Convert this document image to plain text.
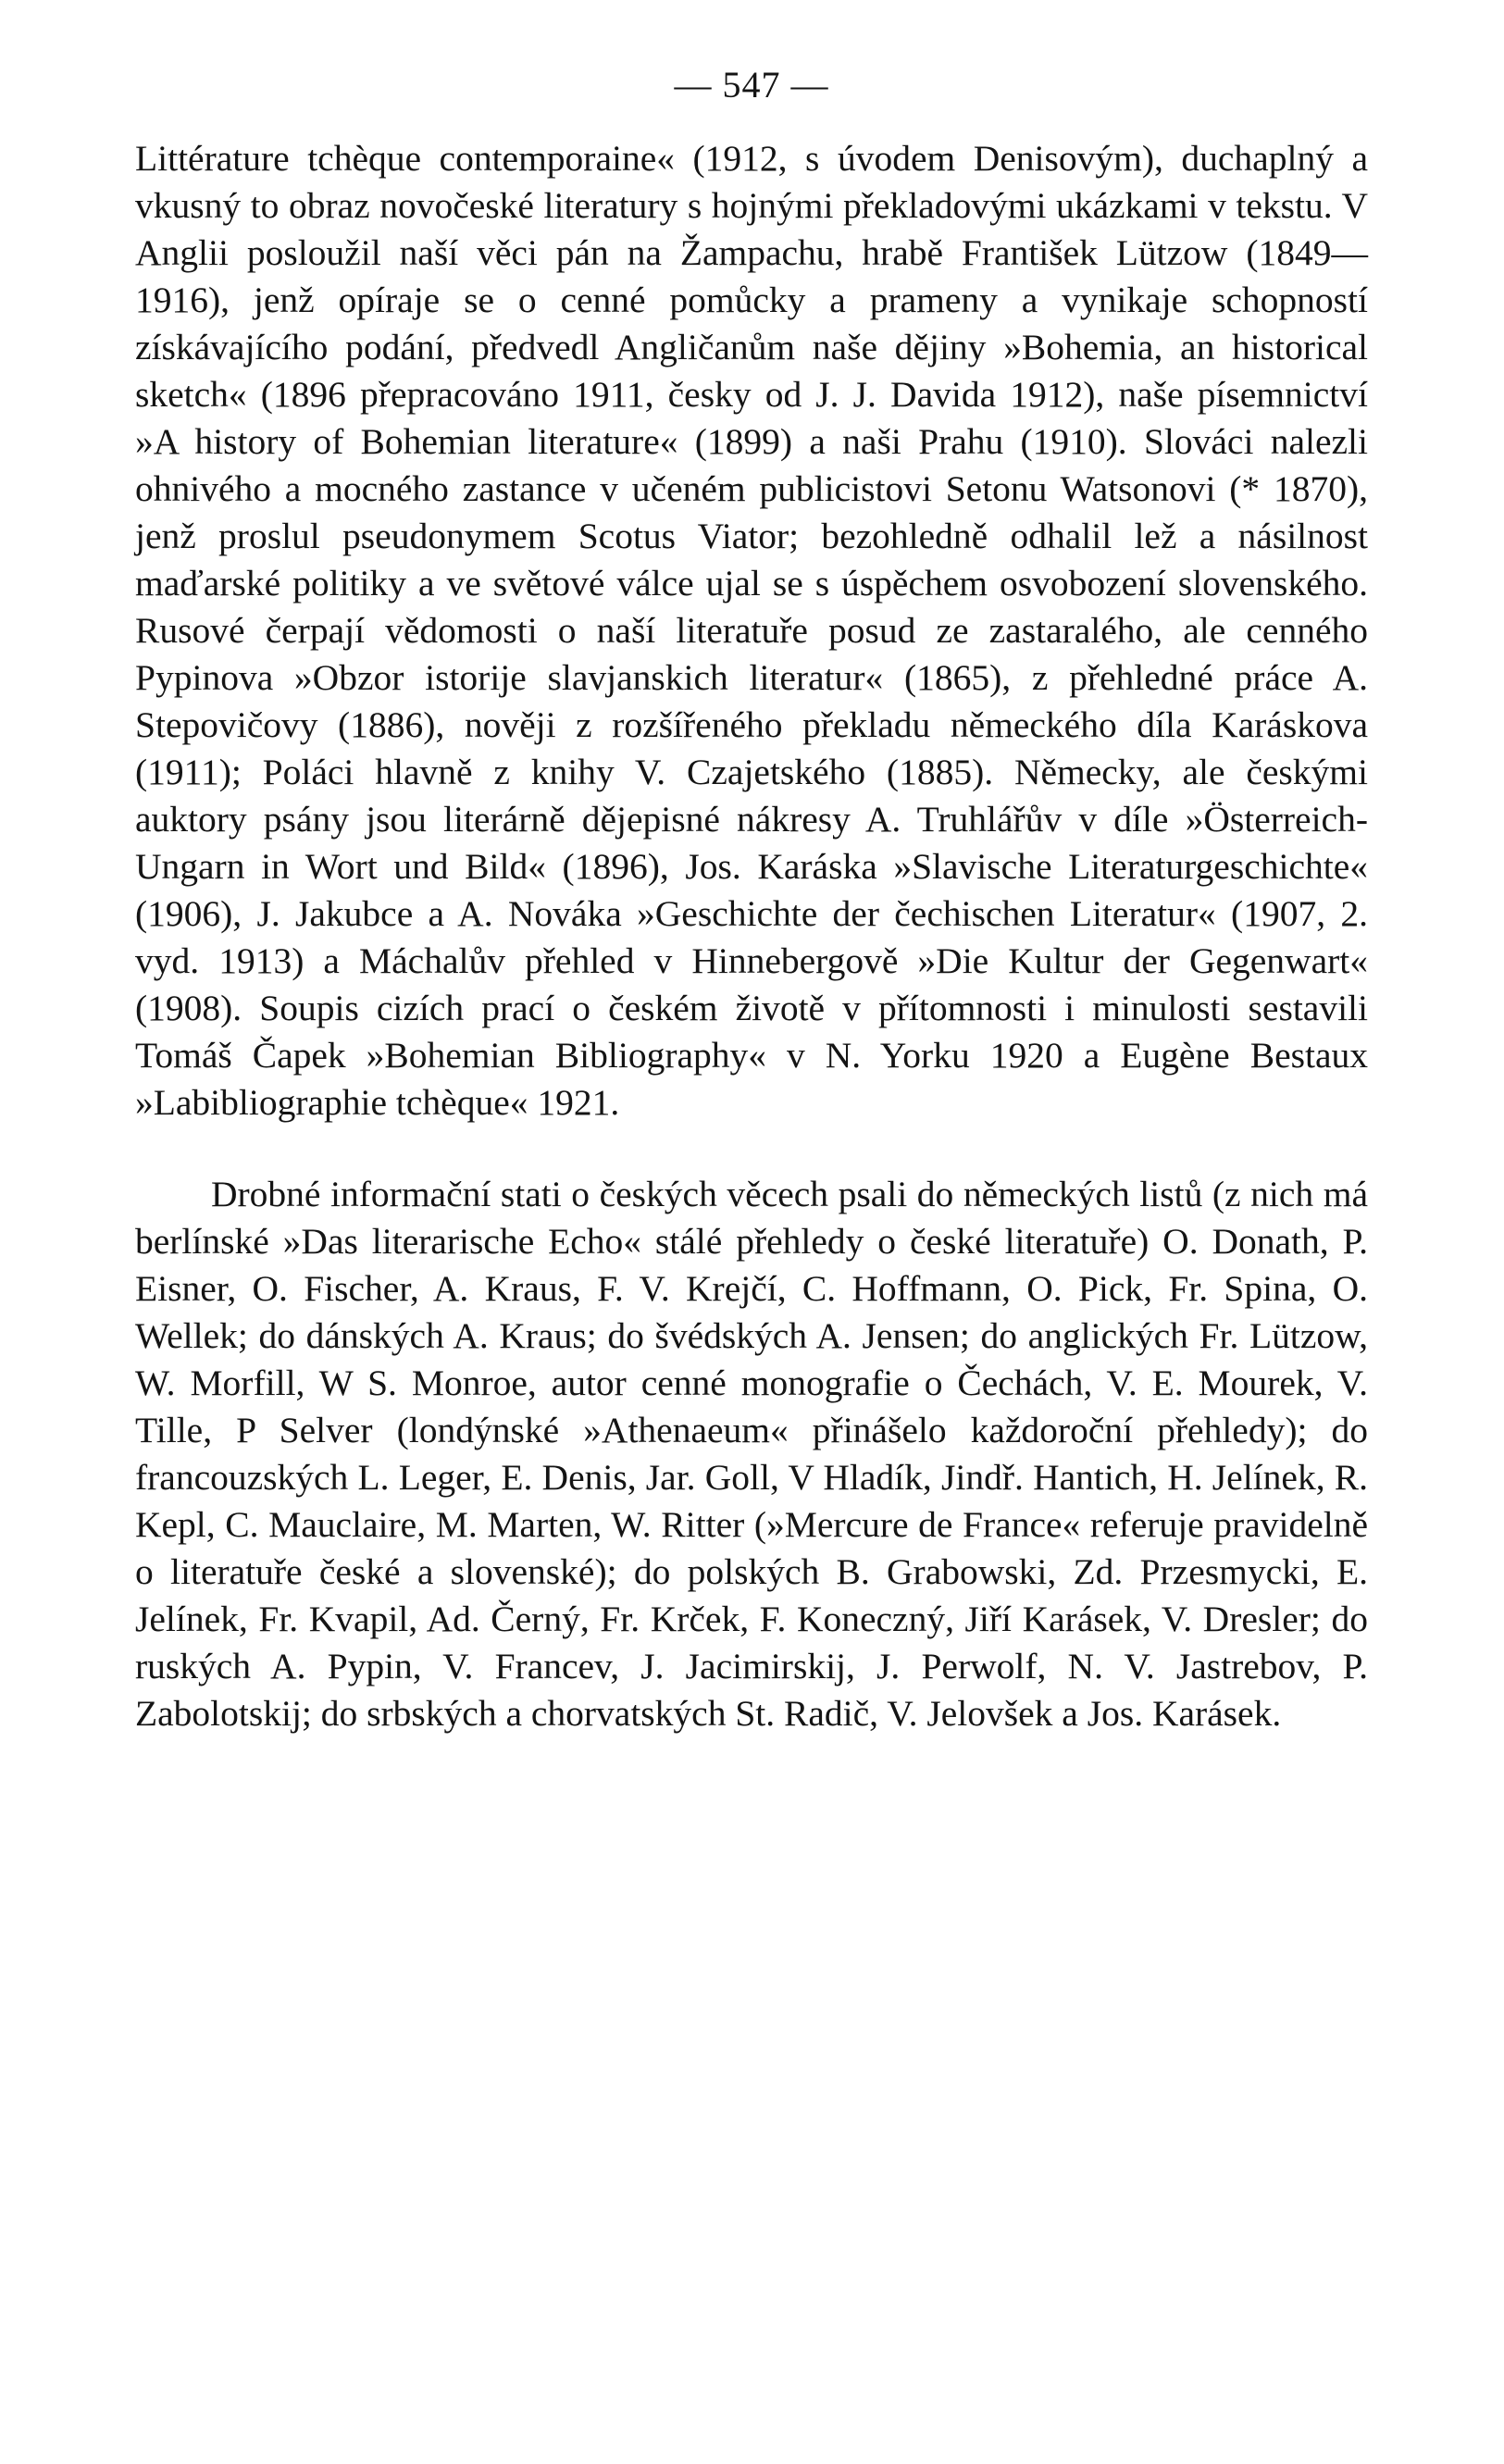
— 547 —

Littérature tchèque contemporaine« (1912, s úvodem Denisovým), duchaplný a vkusný to obraz novočeské literatury s hojnými překladovými ukázkami v tekstu. V Anglii posloužil naší věci pán na Žampachu, hrabě František Lützow (1849—1916), jenž opíraje se o cenné pomůcky a prameny a vynikaje schopností získávajícího podání, předvedl Angličanům naše dějiny »Bohemia, an historical sketch« (1896 přepracováno 1911, česky od J. J. Davida 1912), naše písemnictví »A history of Bohemian literature« (1899) a naši Prahu (1910). Slováci nalezli ohnivého a mocného zastance v učeném publicistovi Setonu Watsonovi (* 1870), jenž proslul pseudonymem Scotus Viator; bezohledně odhalil lež a násilnost maďarské politiky a ve světové válce ujal se s úspěchem osvobození slovenského. Rusové čerpají vědomosti o naší literatuře posud ze zastaralého, ale cenného Pypinova »Obzor istorije slavjanskich literatur« (1865), z přehledné práce A. Stepovičovy (1886), nověji z rozšířeného překladu německého díla Karáskova (1911); Poláci hlavně z knihy V. Czajetského (1885). Německy, ale českými auktory psány jsou literárně dějepisné nákresy A. Truhlářův v díle »Österreich-Ungarn in Wort und Bild« (1896), Jos. Karáska »Slavische Literaturgeschichte« (1906), J. Jakubce a A. Nováka »Geschichte der čechischen Literatur« (1907, 2. vyd. 1913) a Máchalův přehled v Hinnebergově »Die Kultur der Gegenwart« (1908). Soupis cizích prací o českém životě v přítomnosti i minulosti sestavili Tomáš Čapek »Bohemian Bibliography« v N. Yorku 1920 a Eugène Bestaux »Labibliographie tchèque« 1921.

Drobné informační stati o českých věcech psali do německých listů (z nich má berlínské »Das literarische Echo« stálé přehledy o české literatuře) O. Donath, P. Eisner, O. Fischer, A. Kraus, F. V. Krejčí, C. Hoffmann, O. Pick, Fr. Spina, O. Wellek; do dánských A. Kraus; do švédských A. Jensen; do anglických Fr. Lützow, W. Morfill, W S. Monroe, autor cenné monografie o Čechách, V. E. Mourek, V. Tille, P Selver (londýnské »Athenaeum« přinášelo každoroční přehledy); do francouzských L. Leger, E. Denis, Jar. Goll, V Hladík, Jindř. Hantich, H. Jelínek, R. Kepl, C. Mauclaire, M. Marten, W. Ritter (»Mercure de France« referuje pravidelně o literatuře české a slovenské); do polských B. Grabowski, Zd. Przesmycki, E. Jelínek, Fr. Kvapil, Ad. Černý, Fr. Krček, F. Koneczný, Jiří Karásek, V. Dresler; do ruských A. Pypin, V. Francev, J. Jacimirskij, J. Perwolf, N. V. Jastrebov, P. Zabolotskij; do srbských a chorvatských St. Radič, V. Jelovšek a Jos. Karásek.
